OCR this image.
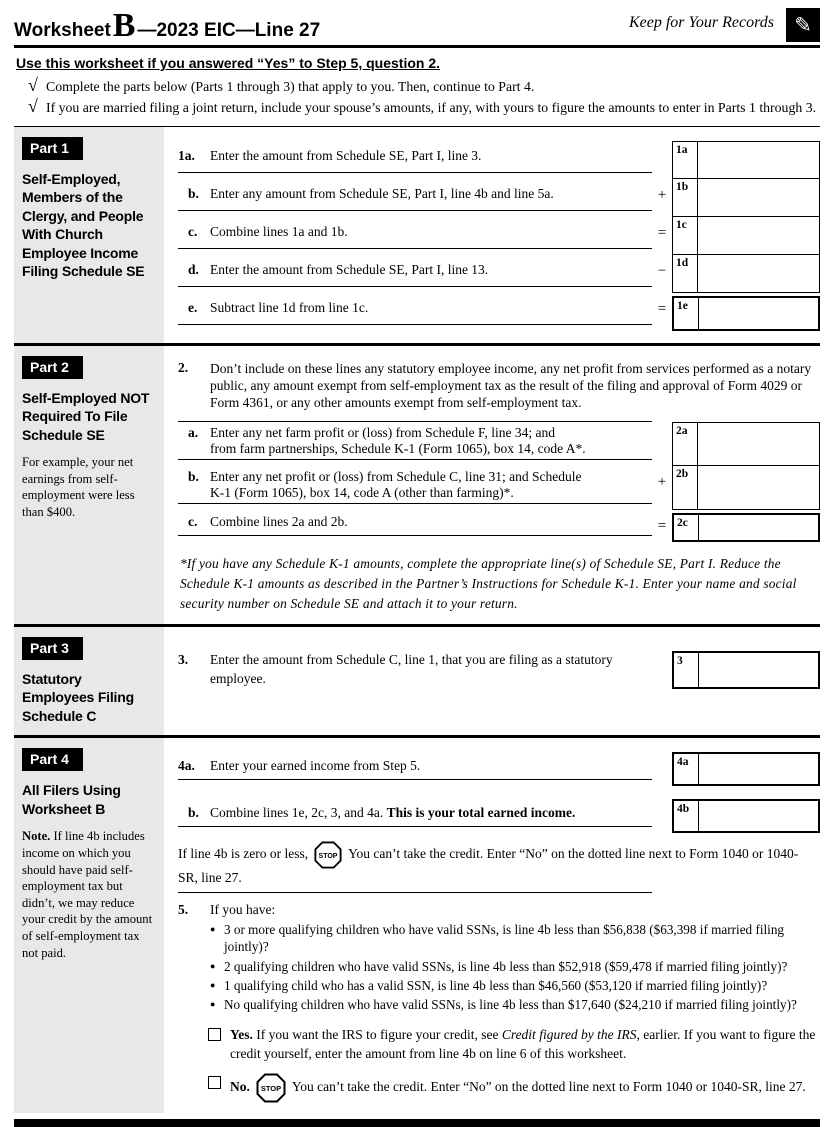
Worksheet B —2023 EIC—Line 27	Keep for Your Records ✎
Use this worksheet if you answered “Yes” to Step 5, question 2.
√ Complete the parts below (Parts 1 through 3) that apply to you. Then, continue to Part 4.
√ If you are married filing a joint return, include your spouse’s amounts, if any, with yours to figure the amounts to enter in Parts 1 through 3.
Part 1
Self-Employed, Members of the Clergy, and People With Church Employee Income Filing Schedule SE
1a.	Enter the amount from Schedule SE, Part I, line 3.	1a
b. Enter any amount from Schedule SE, Part I, line 4b and line 5a.	+ 1b
c. Combine lines 1a and 1b.	= 1c
d. Enter the amount from Schedule SE, Part I, line 13.	− 1d
e. Subtract line 1d from line 1c.	= 1e
Part 2
Self-Employed NOT Required To File Schedule SE
For example, your net earnings from self-employment were less than $400.
2.	Don’t include on these lines any statutory employee income, any net profit from services performed as a notary public, any amount exempt from self-employment tax as the result of the filing and approval of Form 4029 or Form 4361, or any other amounts exempt from self-employment tax.
a. Enter any net farm profit or (loss) from Schedule F, line 34; and
from farm partnerships, Schedule K-1 (Form 1065), box 14, code A*.
2a
b. Enter any net profit or (loss) from Schedule C, line 31; and Schedule
K-1 (Form 1065), box 14, code A (other than farming)*.
+ 2b
c. Combine lines 2a and 2b.	= 2c
*If you have any Schedule K-1 amounts, complete the appropriate line(s) of Schedule SE, Part I. Reduce the Schedule K-1 amounts as described in the Partner’s Instructions for Schedule K-1. Enter your name and social security number on Schedule SE and attach it to your return.
Part 3
Statutory Employees Filing Schedule C
3.	Enter the amount from Schedule C, line 1, that you are filing as a statutory employee.
3
Part 4
All Filers Using Worksheet B
Note. If line 4b includes income on which you should have paid self-employment tax but didn’t, we may reduce your credit by the amount of self-employment tax not paid.
4a.	Enter your earned income from Step 5.	4a
b. Combine lines 1e, 2c, 3, and 4a. This is your total earned income.	4b
If line 4b is zero or less, STOP You can’t take the credit. Enter “No” on the dotted line next to Form 1040 or 1040-SR, line 27.
5.	If you have:
● 3 or more qualifying children who have valid SSNs, is line 4b less than $56,838 ($63,398 if married filing jointly)?
● 2 qualifying children who have valid SSNs, is line 4b less than $52,918 ($59,478 if married filing jointly)?
● 1 qualifying child who has a valid SSN, is line 4b less than $46,560 ($53,120 if married filing jointly)?
● No qualifying children who have valid SSNs, is line 4b less than $17,640 ($24,210 if married filing jointly)?
Yes. If you want the IRS to figure your credit, see Credit figured by the IRS, earlier. If you want to figure the credit yourself, enter the amount from line 4b on line 6 of this worksheet.
No. STOP You can’t take the credit. Enter “No” on the dotted line next to Form 1040 or 1040-SR, line 27.
